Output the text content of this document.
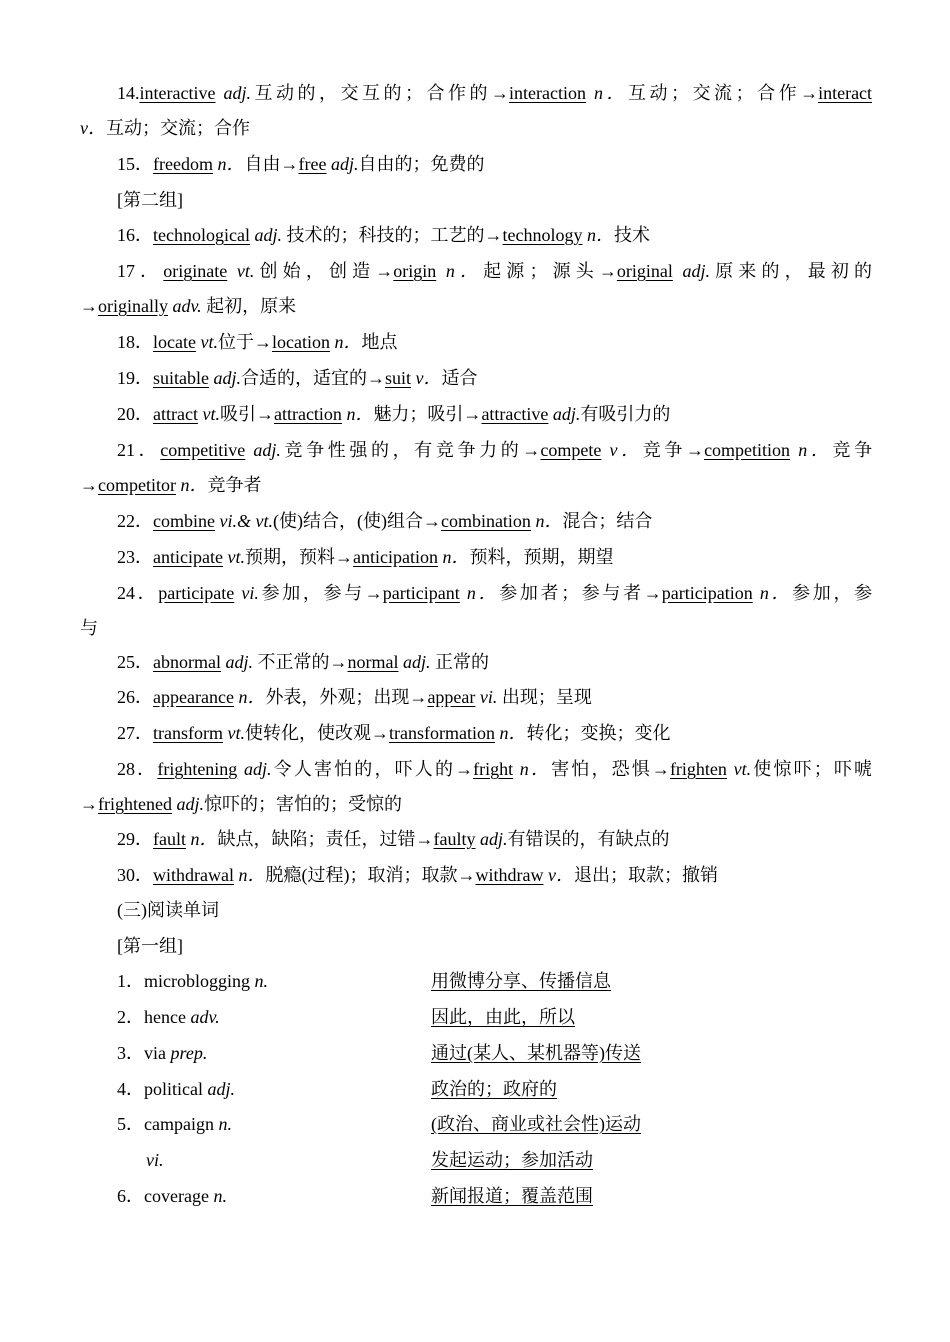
14.interactive adj.互动的，交互的；合作的→interaction n．互动；交流；合作→interact
v．互动；交流；合作
15．freedom n．自由→free adj.自由的；免费的
[第二组]
16．technological adj. 技术的；科技的；工艺的→technology n．技术
17．originate vt.创始，创造→origin n．起源；源头→original adj.原来的，最初的
→originally adv. 起初，原来
18．locate vt.位于→location n．地点
19．suitable adj.合适的，适宜的→suit v．适合
20．attract vt.吸引→attraction n．魅力；吸引→attractive adj.有吸引力的
21．competitive adj.竞争性强的，有竞争力的→compete v．竞争→competition n．竞争
→competitor n．竞争者
22．combine vi.& vt.(使)结合，(使)组合→combination n．混合；结合
23．anticipate vt.预期，预料→anticipation n．预料，预期，期望
24．participate vi.参加，参与→participant n．参加者；参与者→participation n．参加，参
与
25．abnormal adj. 不正常的→normal adj. 正常的
26．appearance n．外表，外观；出现→appear vi. 出现；呈现
27．transform vt.使转化，使改观→transformation n．转化；变换；变化
28．frightening adj.令人害怕的，吓人的→fright n．害怕，恐惧→frighten vt.使惊吓；吓唬
→frightened adj.惊吓的；害怕的；受惊的
29．fault n．缺点，缺陷；责任，过错→faulty adj.有错误的，有缺点的
30．withdrawal n．脱瘾(过程)；取消；取款→withdraw v．退出；取款；撤销
(三)阅读单词
[第一组]
1．microblogging n.	用微博分享、传播信息
2．hence adv.	因此，由此，所以
3．via prep.	通过(某人、某机器等)传送
4．political adj.	政治的；政府的
5．campaign n.	(政治、商业或社会性)运动
vi.	发起运动；参加活动
6．coverage n.	新闻报道；覆盖范围
